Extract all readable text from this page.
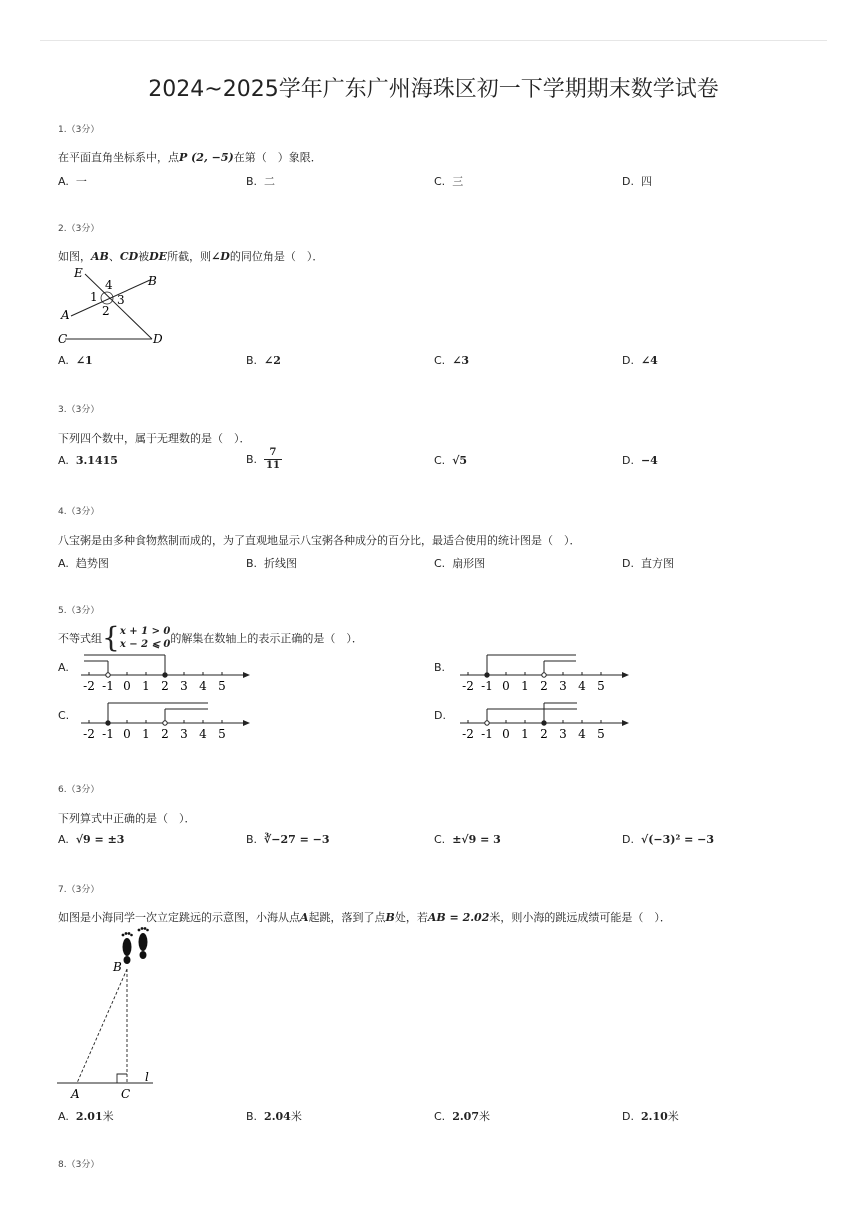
2024~2025学年广东广州海珠区初一下学期期末数学试卷
1.（3分）
在平面直角坐标系中，点P (2, −5)在第（　）象限．
A. 一	B. 二	C. 三	D. 四
2.（3分）
如图，AB、CD被DE所截，则∠D的同位角是（　）．
E
B
A
C	D
1
2
3
4
A. ∠1	B. ∠2	C. ∠3	D. ∠4
3.（3分）
下列四个数中，属于无理数的是（　）．
A. 3.1415	B. $\frac{7}{11}$	C. √5	D. −4
4.（3分）
八宝粥是由多种食物熬制而成的，为了直观地显示八宝粥各种成分的百分比，最适合使用的统计图是（　）．
A. 趋势图	B. 折线图	C. 扇形图	D. 直方图
5.（3分）
不等式组{ x + 1 > 0
x − 2 ⩽ 0 的解集在数轴上的表示正确的是（　）．
A.	B.
C.	D.
-2 -1 0 1 2 3 4 5	-2 -1 0 1 2 3 4 5
-2 -1 0 1 2 3 4 5	-2 -1 0 1 2 3 4 5
6.（3分）
下列算式中正确的是（　）．
A. √9 = ±3	B. ∛−27 = −3	C. ±√9 = 3	D. √(−3)² = −3
7.（3分）
如图是小海同学一次立定跳远的示意图，小海从点A起跳，落到了点B处，若AB = 2.02米，则小海的跳远成绩可能是（　）．
B
A	C
l
A. 2.01米	B. 2.04米	C. 2.07米	D. 2.10米
8.（3分）
